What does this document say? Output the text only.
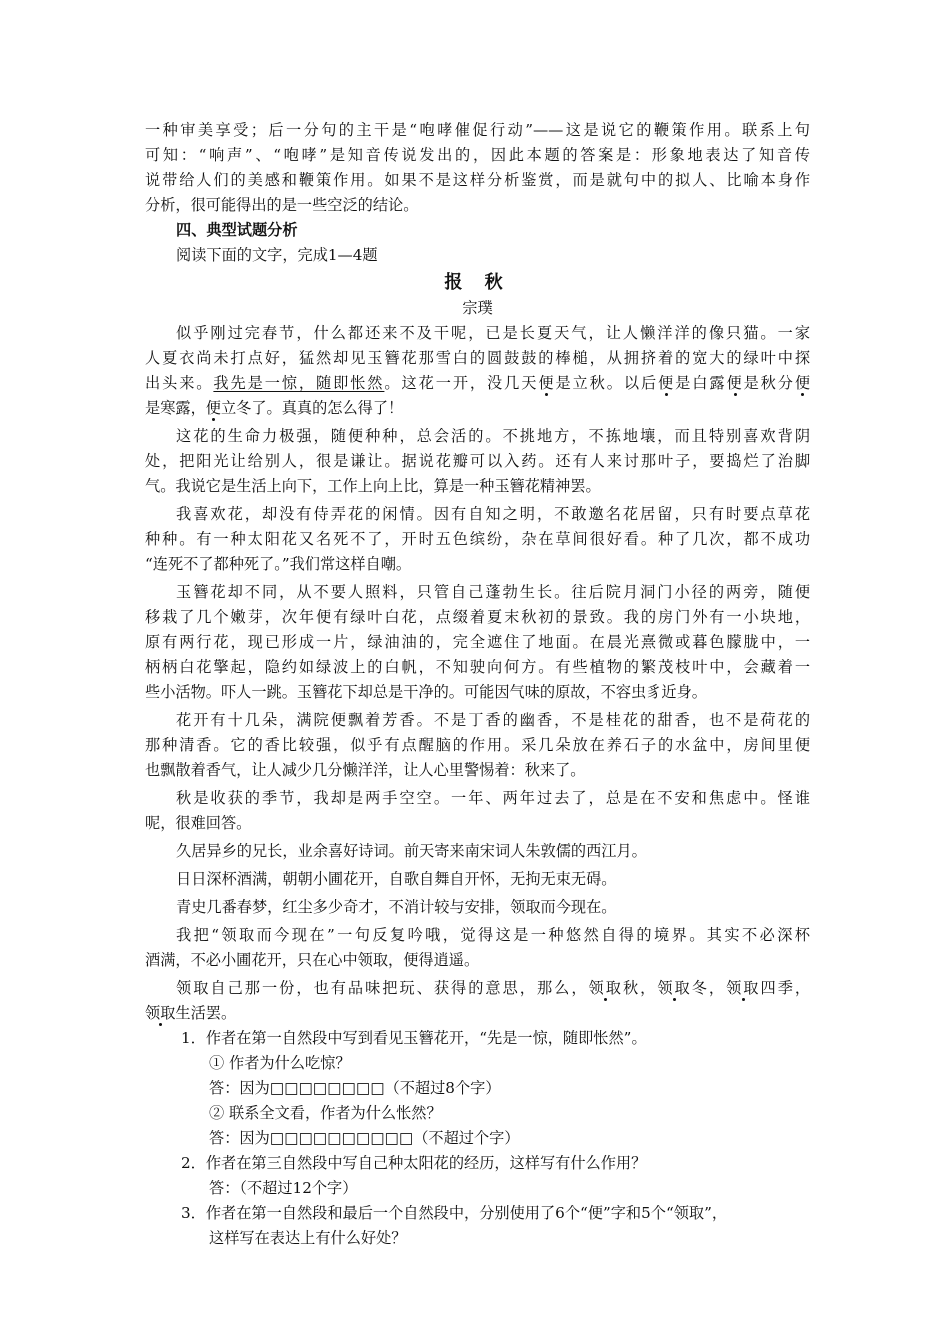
一种审美享受；后一分句的主干是“咆哮催促行动”——这是说它的鞭策作用。联系上句
可知：“响声”、“咆哮”是知音传说发出的，因此本题的答案是：形象地表达了知音传
说带给人们的美感和鞭策作用。如果不是这样分析鉴赏，而是就句中的拟人、比喻本身作
分析，很可能得出的是一些空泛的结论。
四、典型试题分析
阅读下面的文字，完成1—4题
报 秋
宗璞
似乎刚过完春节，什么都还来不及干呢，已是长夏天气，让人懒洋洋的像只猫。一家
人夏衣尚未打点好，猛然却见玉簪花那雪白的圆鼓鼓的棒槌，从拥挤着的宽大的绿叶中探
出头来。我先是一惊，随即怅然。这花一开，没几天便是立秋。以后便是白露便是秋分便
是寒露，便立冬了。真真的怎么得了！
这花的生命力极强，随便种种，总会活的。不挑地方，不拣地壤，而且特别喜欢背阴
处，把阳光让给别人，很是谦让。据说花瓣可以入药。还有人来讨那叶子，要捣烂了治脚
气。我说它是生活上向下，工作上向上比，算是一种玉簪花精神罢。
我喜欢花，却没有侍弄花的闲情。因有自知之明，不敢邀名花居留，只有时要点草花
种种。有一种太阳花又名死不了，开时五色缤纷，杂在草间很好看。种了几次，都不成功
“连死不了都种死了。”我们常这样自嘲。
玉簪花却不同，从不要人照料，只管自己蓬勃生长。往后院月洞门小径的两旁，随便
移栽了几个嫩芽，次年便有绿叶白花，点缀着夏末秋初的景致。我的房门外有一小块地，
原有两行花，现已形成一片，绿油油的，完全遮住了地面。在晨光熹微或暮色朦胧中，一
柄柄白花擎起，隐约如绿波上的白帆，不知驶向何方。有些植物的繁茂枝叶中，会藏着一
些小活物。吓人一跳。玉簪花下却总是干净的。可能因气味的原故，不容虫豸近身。
花开有十几朵，满院便飘着芳香。不是丁香的幽香，不是桂花的甜香，也不是荷花的
那种清香。它的香比较强，似乎有点醒脑的作用。采几朵放在养石子的水盆中，房间里便
也飘散着香气，让人减少几分懒洋洋，让人心里警惕着：秋来了。
秋是收获的季节，我却是两手空空。一年、两年过去了，总是在不安和焦虑中。怪谁
呢，很难回答。
久居异乡的兄长，业余喜好诗词。前天寄来南宋词人朱敦儒的西江月。
日日深杯酒满，朝朝小圃花开，自歌自舞自开怀，无拘无束无碍。
青史几番春梦，红尘多少奇才，不消计较与安排，领取而今现在。
我把“领取而今现在”一句反复吟哦，觉得这是一种悠然自得的境界。其实不必深杯
酒满，不必小圃花开，只在心中领取，便得逍遥。
领取自己那一份，也有品味把玩、获得的意思，那么，领取秋，领取冬，领取四季，
领取生活罢。
1．作者在第一自然段中写到看见玉簪花开，“先是一惊，随即怅然”。
① 作者为什么吃惊？
答：因为□□□□□□□□（不超过8个字）
② 联系全文看，作者为什么怅然？
答：因为□□□□□□□□□□（不超过个字）
2．作者在第三自然段中写自己种太阳花的经历，这样写有什么作用？
答：（不超过12个字）
3．作者在第一自然段和最后一个自然段中，分别使用了6个“便”字和5个“领取”，
这样写在表达上有什么好处？
